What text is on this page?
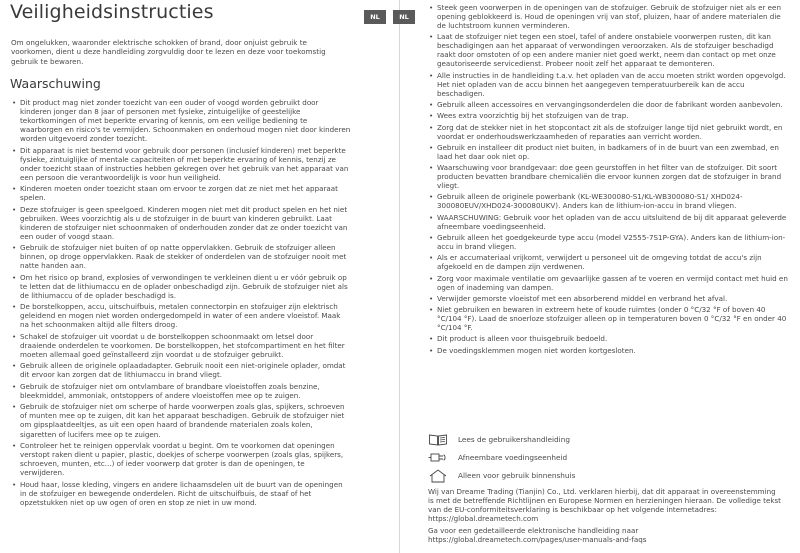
Veiligheidsinstructies	NL

Om ongelukken, waaronder elektrische schokken of brand, door onjuist gebruik te voorkomen, dient u deze handleiding zorgvuldig door te lezen en deze voor toekomstig gebruik te bewaren.

Waarschuwing
• Dit product mag niet zonder toezicht van een ouder of voogd worden gebruikt door kinderen jonger dan 8 jaar of personen met fysieke, zintuigelijke of geestelijke tekortkomingen of met beperkte ervaring of kennis, om een veilige bediening te waarborgen en risico's te vermijden. Schoonmaken en onderhoud mogen niet door kinderen worden uitgevoerd zonder toezicht.
• Dit apparaat is niet bestemd voor gebruik door personen (inclusief kinderen) met beperkte fysieke, zintuiglijke of mentale capaciteiten of met beperkte ervaring of kennis, tenzij ze onder toezicht staan of instructies hebben gekregen over het gebruik van het apparaat van een persoon die verantwoordelijk is voor hun veiligheid.
• Kinderen moeten onder toezicht staan om ervoor te zorgen dat ze niet met het apparaat spelen.
• Deze stofzuiger is geen speelgoed. Kinderen mogen niet met dit product spelen en het niet gebruiken. Wees voorzichtig als u de stofzuiger in de buurt van kinderen gebruikt. Laat kinderen de stofzuiger niet schoonmaken of onderhouden zonder dat ze onder toezicht van een ouder of voogd staan.
• Gebruik de stofzuiger niet buiten of op natte oppervlakken. Gebruik de stofzuiger alleen binnen, op droge oppervlakken. Raak de stekker of onderdelen van de stofzuiger nooit met natte handen aan.
• Om het risico op brand, explosies of verwondingen te verkleinen dient u er vóór gebruik op te letten dat de lithiumaccu en de oplader onbeschadigd zijn. Gebruik de stofzuiger niet als de lithiumaccu of de oplader beschadigd is.
• De borstelkoppen, accu, uitschuifbuis, metalen connectorpin en stofzuiger zijn elektrisch geleidend en mogen niet worden ondergedompeld in water of een andere vloeistof. Maak na het schoonmaken altijd alle filters droog.
• Schakel de stofzuiger uit voordat u de borstelkoppen schoonmaakt om letsel door draaiende onderdelen te voorkomen. De borstelkoppen, het stofcompartiment en het filter moeten allemaal goed geïnstalleerd zijn voordat u de stofzuiger gebruikt.
• Gebruik alleen de originele oplaadadapter. Gebruik nooit een niet-originele oplader, omdat dit ervoor kan zorgen dat de lithiumaccu in brand vliegt.
• Gebruik de stofzuiger niet om ontvlambare of brandbare vloeistoffen zoals benzine, bleekmiddel, ammoniak, ontstoppers of andere vloeistoffen mee op te zuigen.
• Gebruik de stofzuiger niet om scherpe of harde voorwerpen zoals glas, spijkers, schroeven of munten mee op te zuigen, dit kan het apparaat beschadigen. Gebruik de stofzuiger niet om gipsplaatdeeltjes, as uit een open haard of brandende materialen zoals kolen, sigaretten of lucifers mee op te zuigen.
• Controleer het te reinigen oppervlak voordat u begint. Om te voorkomen dat openingen verstopt raken dient u papier, plastic, doekjes of scherpe voorwerpen (zoals glas, spijkers, schroeven, munten, etc...) of ieder voorwerp dat groter is dan de openingen, te verwijderen.
• Houd haar, losse kleding, vingers en andere lichaamsdelen uit de buurt van de openingen in de stofzuiger en bewegende onderdelen. Richt de uitschuifbuis, de staaf of het opzetstukken niet op uw ogen of oren en stop ze niet in uw mond.
NL
• Steek geen voorwerpen in de openingen van de stofzuiger. Gebruik de stofzuiger niet als er een opening geblokkeerd is. Houd de openingen vrij van stof, pluizen, haar of andere materialen die de luchtstroom kunnen verminderen.
• Laat de stofzuiger niet tegen een stoel, tafel of andere onstabiele voorwerpen rusten, dit kan beschadigingen aan het apparaat of verwondingen veroorzaken. Als de stofzuiger beschadigd raakt door omstoten of op een andere manier niet goed werkt, neem dan contact op met onze geautoriseerde servicedienst. Probeer nooit zelf het apparaat te demonteren.
• Alle instructies in de handleiding t.a.v. het opladen van de accu moeten strikt worden opgevolgd. Het niet opladen van de accu binnen het aangegeven temperatuurbereik kan de accu beschadigen.
• Gebruik alleen accessoires en vervangingsonderdelen die door de fabrikant worden aanbevolen.
• Wees extra voorzichtig bij het stofzuigen van de trap.
• Zorg dat de stekker niet in het stopcontact zit als de stofzuiger lange tijd niet gebruikt wordt, en voordat er onderhoudswerkzaamheden of reparaties aan verricht worden.
• Gebruik en installeer dit product niet buiten, in badkamers of in de buurt van een zwembad, en laad het daar ook niet op.
• Waarschuwing voor brandgevaar: doe geen geurstoffen in het filter van de stofzuiger. Dit soort producten bevatten brandbare chemicaliën die ervoor kunnen zorgen dat de stofzuiger in brand vliegt.
• Gebruik alleen de originele powerbank (KL-WE300080-S1/KL-WB300080-S1/ XHD024-300080EUV/XHD024-300080UKV). Anders kan de lithium-ion-accu in brand vliegen.
• WAARSCHUWING: Gebruik voor het opladen van de accu uitsluitend de bij dit apparaat geleverde afneembare voedingseenheid.
• Gebruik alleen het goedgekeurde type accu (model V2555-7S1P-GYA). Anders kan de lithium-ion-accu in brand vliegen.
• Als er accumateriaal vrijkomt, verwijdert u personeel uit de omgeving totdat de accu's zijn afgekoeld en de dampen zijn verdwenen.
• Zorg voor maximale ventilatie om gevaarlijke gassen af te voeren en vermijd contact met huid en ogen of inademing van dampen.
• Verwijder gemorste vloeistof met een absorberend middel en verbrand het afval.
• Niet gebruiken en bewaren in extreem hete of koude ruimtes (onder 0 °C/32 °F of boven 40 °C/104 °F). Laad de snoerloze stofzuiger alleen op in temperaturen boven 0 °C/32 °F en onder 40 °C/104 °F.
• Dit product is alleen voor thuisgebruik bedoeld.
• De voedingsklemmen mogen niet worden kortgesloten.
Lees de gebruikershandleiding
Afneembare voedingseenheid
Alleen voor gebruik binnenshuis

Wij van Dreame Trading (Tianjin) Co., Ltd. verklaren hierbij, dat dit apparaat in overeenstemming is met de betreffende Richtlijnen en Europese Normen en herzieningen hieraan. De volledige tekst van de EU-conformiteitsverklaring is beschikbaar op het volgende internetadres: https://global.dreametech.com

Ga voor een gedetailleerde elektronische handleiding naar https://global.dreametech.com/pages/user-manuals-and-faqs
